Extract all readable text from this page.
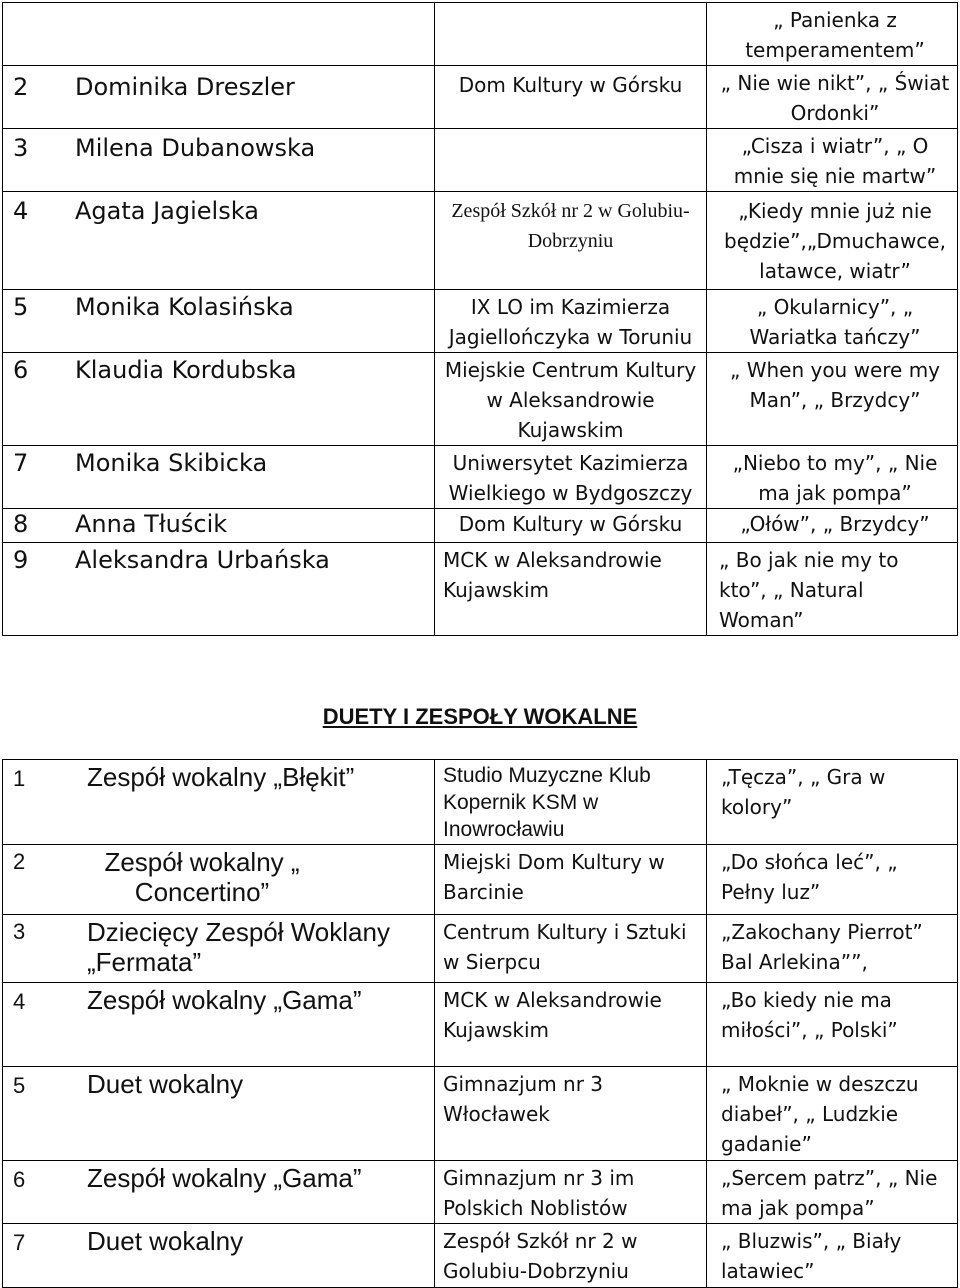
		„ Panienka z temperamentem”

2 Dominika Dreszler	Dom Kultury w Górsku	„ Nie wie nikt”, „ Świat Ordonki”

3 Milena Dubanowska		„Cisza i wiatr”, „ O mnie się nie martw”

4 Agata Jagielska	Zespół Szkół nr 2 w Golubiu-Dobrzyniu	„Kiedy mnie już nie będzie”,„Dmuchawce, latawce, wiatr”

5 Monika Kolasińska	IX LO im Kazimierza Jagiellończyka w Toruniu	„ Okularnicy”, „ Wariatka tańczy”

6 Klaudia Kordubska	Miejskie Centrum Kultury w Aleksandrowie Kujawskim	„ When you were my Man”, „ Brzydcy”

7 Monika Skibicka	Uniwersytet Kazimierza Wielkiego w Bydgoszczy	„Niebo to my”, „ Nie ma jak pompa”

8 Anna Tłuścik	Dom Kultury w Górsku	„Ołów”, „ Brzydcy”

9 Aleksandra Urbańska	MCK w Aleksandrowie Kujawskim	„ Bo jak nie my to kto”, „ Natural Woman”
DUETY I ZESPOŁY WOKALNE
1 Zespół wokalny „Błękit”	Studio Muzyczne Klub Kopernik KSM w Inowrocławiu	„Tęcza”, „ Gra w kolory”

2 Zespół wokalny „ Concertino”	Miejski Dom Kultury w Barcinie	„Do słońca leć”, „ Pełny luz”

3 Dziecięcy Zespół Woklany „Fermata”	Centrum Kultury i Sztuki w Sierpcu	„Zakochany Pierrot” Bal Arlekina””,
4 Zespół wokalny „Gama”	MCK w Aleksandrowie Kujawskim	„Bo kiedy nie ma miłości”, „ Polski”
5 Duet wokalny	Gimnazjum nr 3 Włocławek	„ Moknie w deszczu diabeł”, „ Ludzkie gadanie”
6 Zespół wokalny „Gama”	Gimnazjum nr 3 im Polskich Noblistów	„Sercem patrz”, „ Nie ma jak pompa”
7 Duet wokalny	Zespół Szkół nr 2 w Golubiu-Dobrzyniu	„ Bluzwis”, „ Biały latawiec”
